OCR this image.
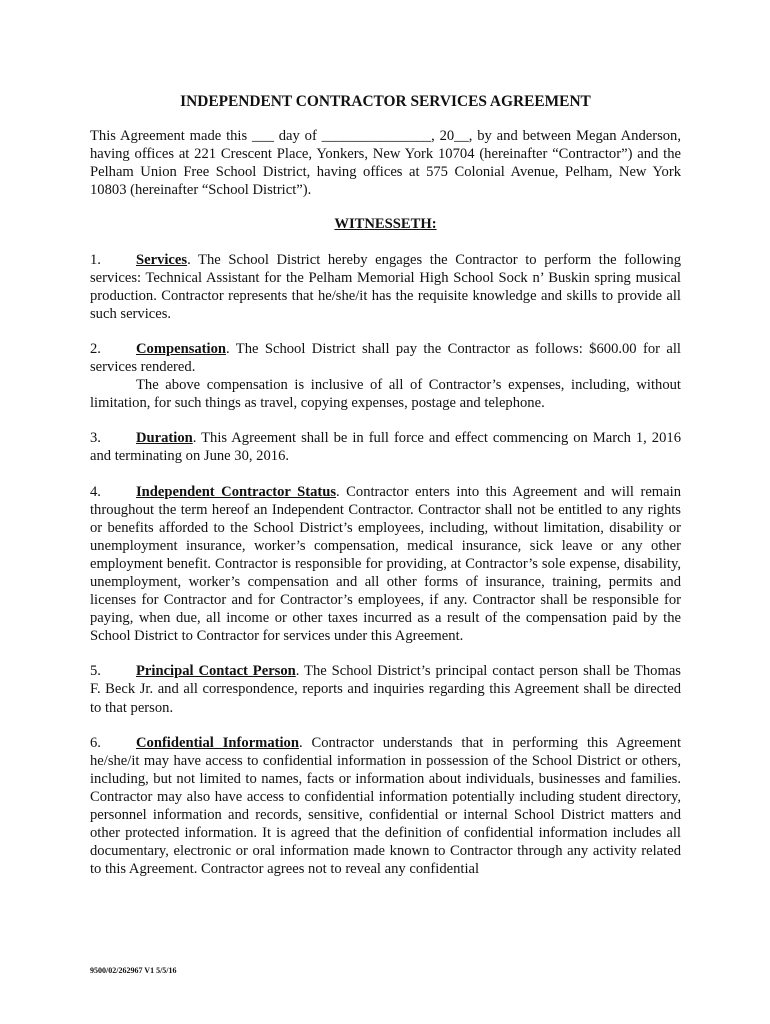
INDEPENDENT CONTRACTOR SERVICES AGREEMENT

This Agreement made this ___ day of _______________, 20__, by and between Megan Anderson, having offices at 221 Crescent Place, Yonkers, New York 10704 (hereinafter “Contractor”) and the Pelham Union Free School District, having offices at 575 Colonial Avenue, Pelham, New York 10803 (hereinafter “School District”).

WITNESSETH:

1. Services. The School District hereby engages the Contractor to perform the following services: Technical Assistant for the Pelham Memorial High School Sock n’ Buskin spring musical production. Contractor represents that he/she/it has the requisite knowledge and skills to provide all such services.

2. Compensation. The School District shall pay the Contractor as follows: $600.00 for all services rendered.

The above compensation is inclusive of all of Contractor’s expenses, including, without limitation, for such things as travel, copying expenses, postage and telephone.

3. Duration. This Agreement shall be in full force and effect commencing on March 1, 2016 and terminating on June 30, 2016.

4. Independent Contractor Status. Contractor enters into this Agreement and will remain throughout the term hereof an Independent Contractor. Contractor shall not be entitled to any rights or benefits afforded to the School District’s employees, including, without limitation, disability or unemployment insurance, worker’s compensation, medical insurance, sick leave or any other employment benefit. Contractor is responsible for providing, at Contractor’s sole expense, disability, unemployment, worker’s compensation and all other forms of insurance, training, permits and licenses for Contractor and for Contractor’s employees, if any. Contractor shall be responsible for paying, when due, all income or other taxes incurred as a result of the compensation paid by the School District to Contractor for services under this Agreement.

5. Principal Contact Person. The School District’s principal contact person shall be Thomas F. Beck Jr. and all correspondence, reports and inquiries regarding this Agreement shall be directed to that person.

6. Confidential Information. Contractor understands that in performing this Agreement he/she/it may have access to confidential information in possession of the School District or others, including, but not limited to names, facts or information about individuals, businesses and families. Contractor may also have access to confidential information potentially including student directory, personnel information and records, sensitive, confidential or internal School District matters and other protected information. It is agreed that the definition of confidential information includes all documentary, electronic or oral information made known to Contractor through any activity related to this Agreement. Contractor agrees not to reveal any confidential

9500/02/262967 V1 5/5/16
